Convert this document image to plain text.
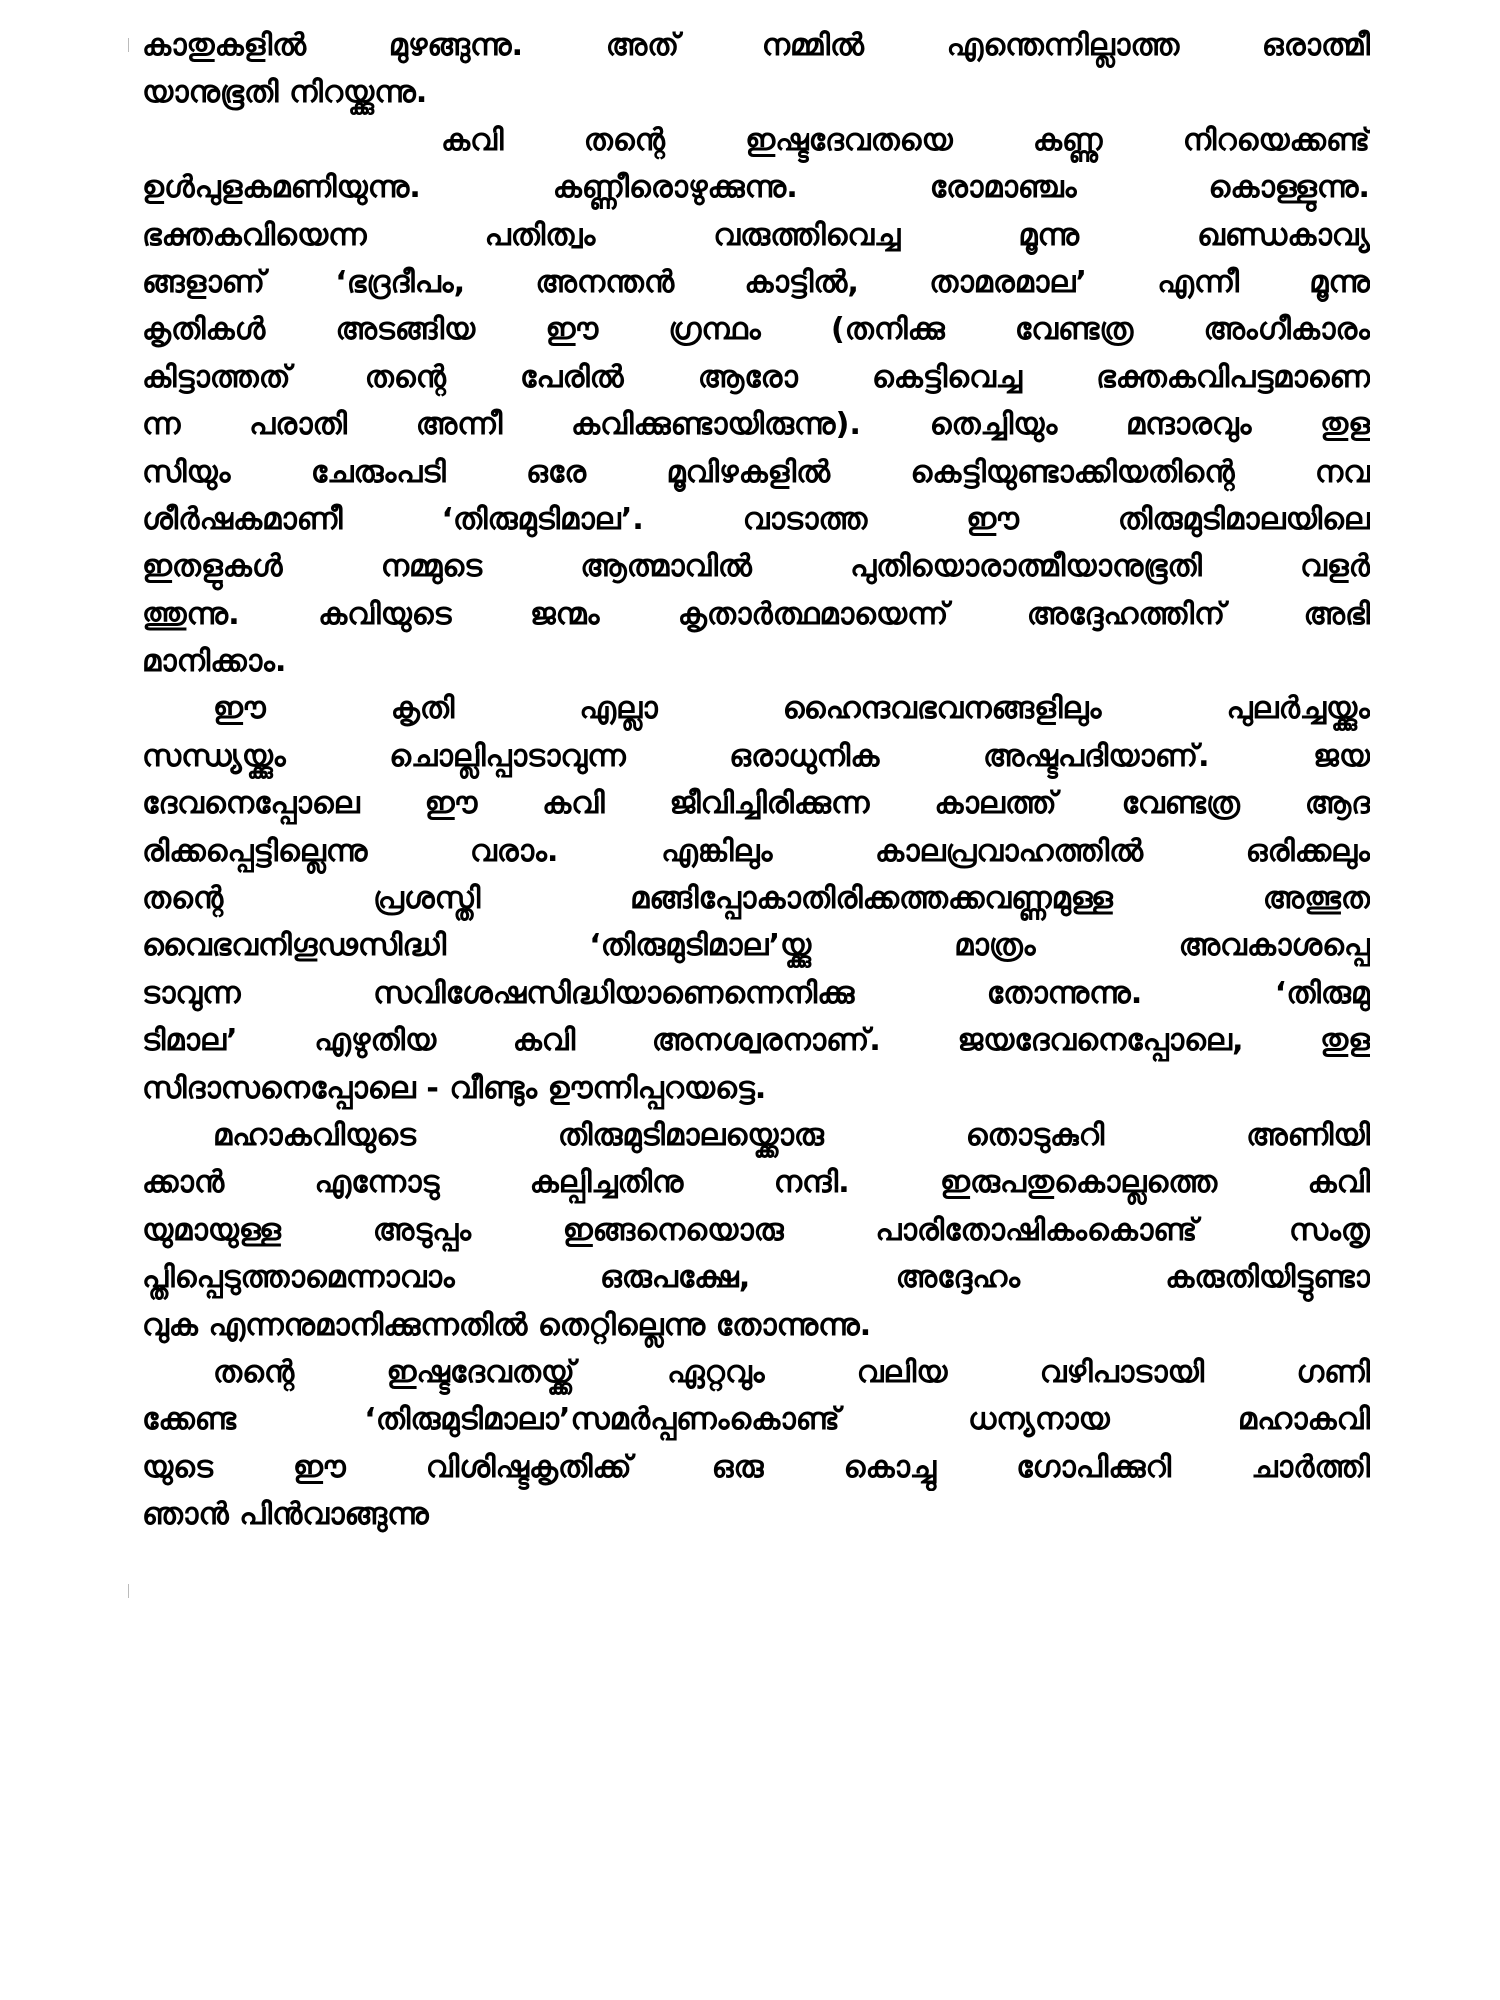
കാതുകളിൽ മുഴങ്ങുന്നു. അത് നമ്മിൽ എന്തെന്നില്ലാത്ത ഒരാത്മീ
യാനുഭൂതി നിറയ്ക്കുന്നു.
കവി തന്റെ ഇഷ്ടദേവതയെ കണ്ണു നിറയെക്കണ്ട്
ഉൾപുളകമണിയുന്നു. കണ്ണീരൊഴുക്കുന്നു. രോമാഞ്ചം കൊള്ളുന്നു.
ഭക്തകവിയെന്ന പതിത്വം വരുത്തിവെച്ച മൂന്നു ഖണ്ഡകാവ്യ
ങ്ങളാണ് ‘ഭദ്രദീപം, അനന്തൻ കാട്ടിൽ, താമരമാല’ എന്നീ മൂന്നു
കൃതികൾ അടങ്ങിയ ഈ ഗ്രന്ഥം (തനിക്കു വേണ്ടത്ര അംഗീകാരം
കിട്ടാത്തത് തന്റെ പേരിൽ ആരോ കെട്ടിവെച്ച ഭക്തകവിപട്ടമാണെ
ന്ന പരാതി അന്നീ കവിക്കുണ്ടായിരുന്നു). തെച്ചിയും മന്ദാരവും തുള
സിയും ചേരുംപടി ഒരേ മൂവിഴകളിൽ കെട്ടിയുണ്ടാക്കിയതിന്റെ നവ
ശീർഷകമാണീ ‘തിരുമുടിമാല’. വാടാത്ത ഈ തിരുമുടിമാലയിലെ
ഇതളുകൾ നമ്മുടെ ആത്മാവിൽ പുതിയൊരാത്മീയാനുഭൂതി വളർ
ത്തുന്നു. കവിയുടെ ജന്മം കൃതാർത്ഥമായെന്ന് അദ്ദേഹത്തിന് അഭി
മാനിക്കാം.
ഈ കൃതി എല്ലാ ഹൈന്ദവഭവനങ്ങളിലും പുലർച്ചയ്ക്കും
സന്ധ്യയ്ക്കും ചൊല്ലിപ്പാടാവുന്ന ഒരാധുനിക അഷ്ടപദിയാണ്. ജയ
ദേവനെപ്പോലെ ഈ കവി ജീവിച്ചിരിക്കുന്ന കാലത്ത് വേണ്ടത്ര ആദ
രിക്കപ്പെട്ടില്ലെന്നു വരാം. എങ്കിലും കാലപ്രവാഹത്തിൽ ഒരിക്കലും
തന്റെ പ്രശസ്തി മങ്ങിപ്പോകാതിരിക്കത്തക്കവണ്ണമുള്ള അത്ഭുത
വൈഭവനിഗൂഢസിദ്ധി ‘തിരുമുടിമാല’യ്ക്കു മാത്രം അവകാശപ്പെ
ടാവുന്ന സവിശേഷസിദ്ധിയാണെന്നെനിക്കു തോന്നുന്നു. ‘തിരുമു
ടിമാല’ എഴുതിയ കവി അനശ്വരനാണ്. ജയദേവനെപ്പോലെ, തുള
സിദാസനെപ്പോലെ - വീണ്ടും ഊന്നിപ്പറയട്ടെ.
മഹാകവിയുടെ തിരുമുടിമാലയ്ക്കൊരു തൊടുകുറി അണിയി
ക്കാൻ എന്നോടു കല്പിച്ചതിനു നന്ദി. ഇരുപതുകൊല്ലത്തെ കവി
യുമായുള്ള അടുപ്പം ഇങ്ങനെയൊരു പാരിതോഷികംകൊണ്ട് സംതൃ
പ്തിപ്പെടുത്താമെന്നാവാം ഒരുപക്ഷേ, അദ്ദേഹം കരുതിയിട്ടുണ്ടാ
വുക എന്നനുമാനിക്കുന്നതിൽ തെറ്റില്ലെന്നു തോന്നുന്നു.
തന്റെ ഇഷ്ടദേവതയ്ക്ക് ഏറ്റവും വലിയ വഴിപാടായി ഗണി
ക്കേണ്ട ‘തിരുമുടിമാലാ’സമർപ്പണംകൊണ്ട് ധന്യനായ മഹാകവി
യുടെ ഈ വിശിഷ്ടകൃതിക്ക് ഒരു കൊച്ചു ഗോപിക്കുറി ചാർത്തി
ഞാൻ പിൻവാങ്ങുന്നു
